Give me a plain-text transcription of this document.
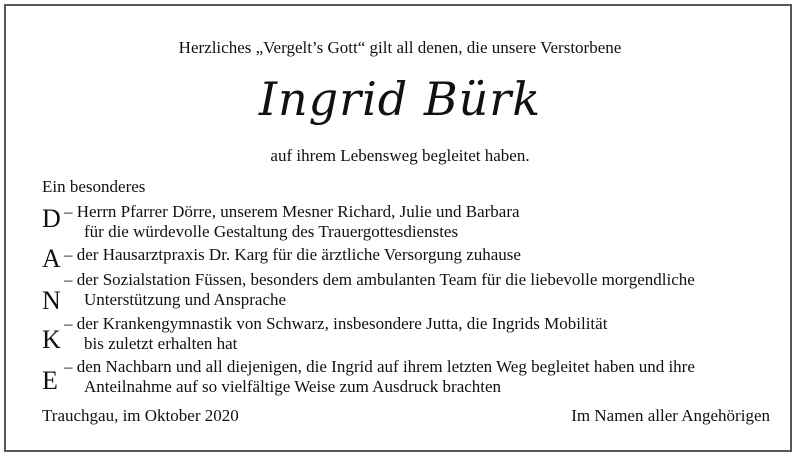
Herzliches „Vergelt’s Gott“ gilt all denen, die unsere Verstorbene
Ingrid Bürk
auf ihrem Lebensweg begleitet haben.
Ein besonderes
D
A
N
K
E
– Herrn Pfarrer Dörre, unserem Mesner Richard, Julie und Barbara
für die würdevolle Gestaltung des Trauergottesdienstes
– der Hausarztpraxis Dr. Karg für die ärztliche Versorgung zuhause
– der Sozialstation Füssen, besonders dem ambulanten Team für die liebevolle morgendliche
Unterstützung und Ansprache
– der Krankengymnastik von Schwarz, insbesondere Jutta, die Ingrids Mobilität
bis zuletzt erhalten hat
– den Nachbarn und all diejenigen, die Ingrid auf ihrem letzten Weg begleitet haben und ihre
Anteilnahme auf so vielfältige Weise zum Ausdruck brachten
Trauchgau, im Oktober 2020	Im Namen aller Angehörigen
